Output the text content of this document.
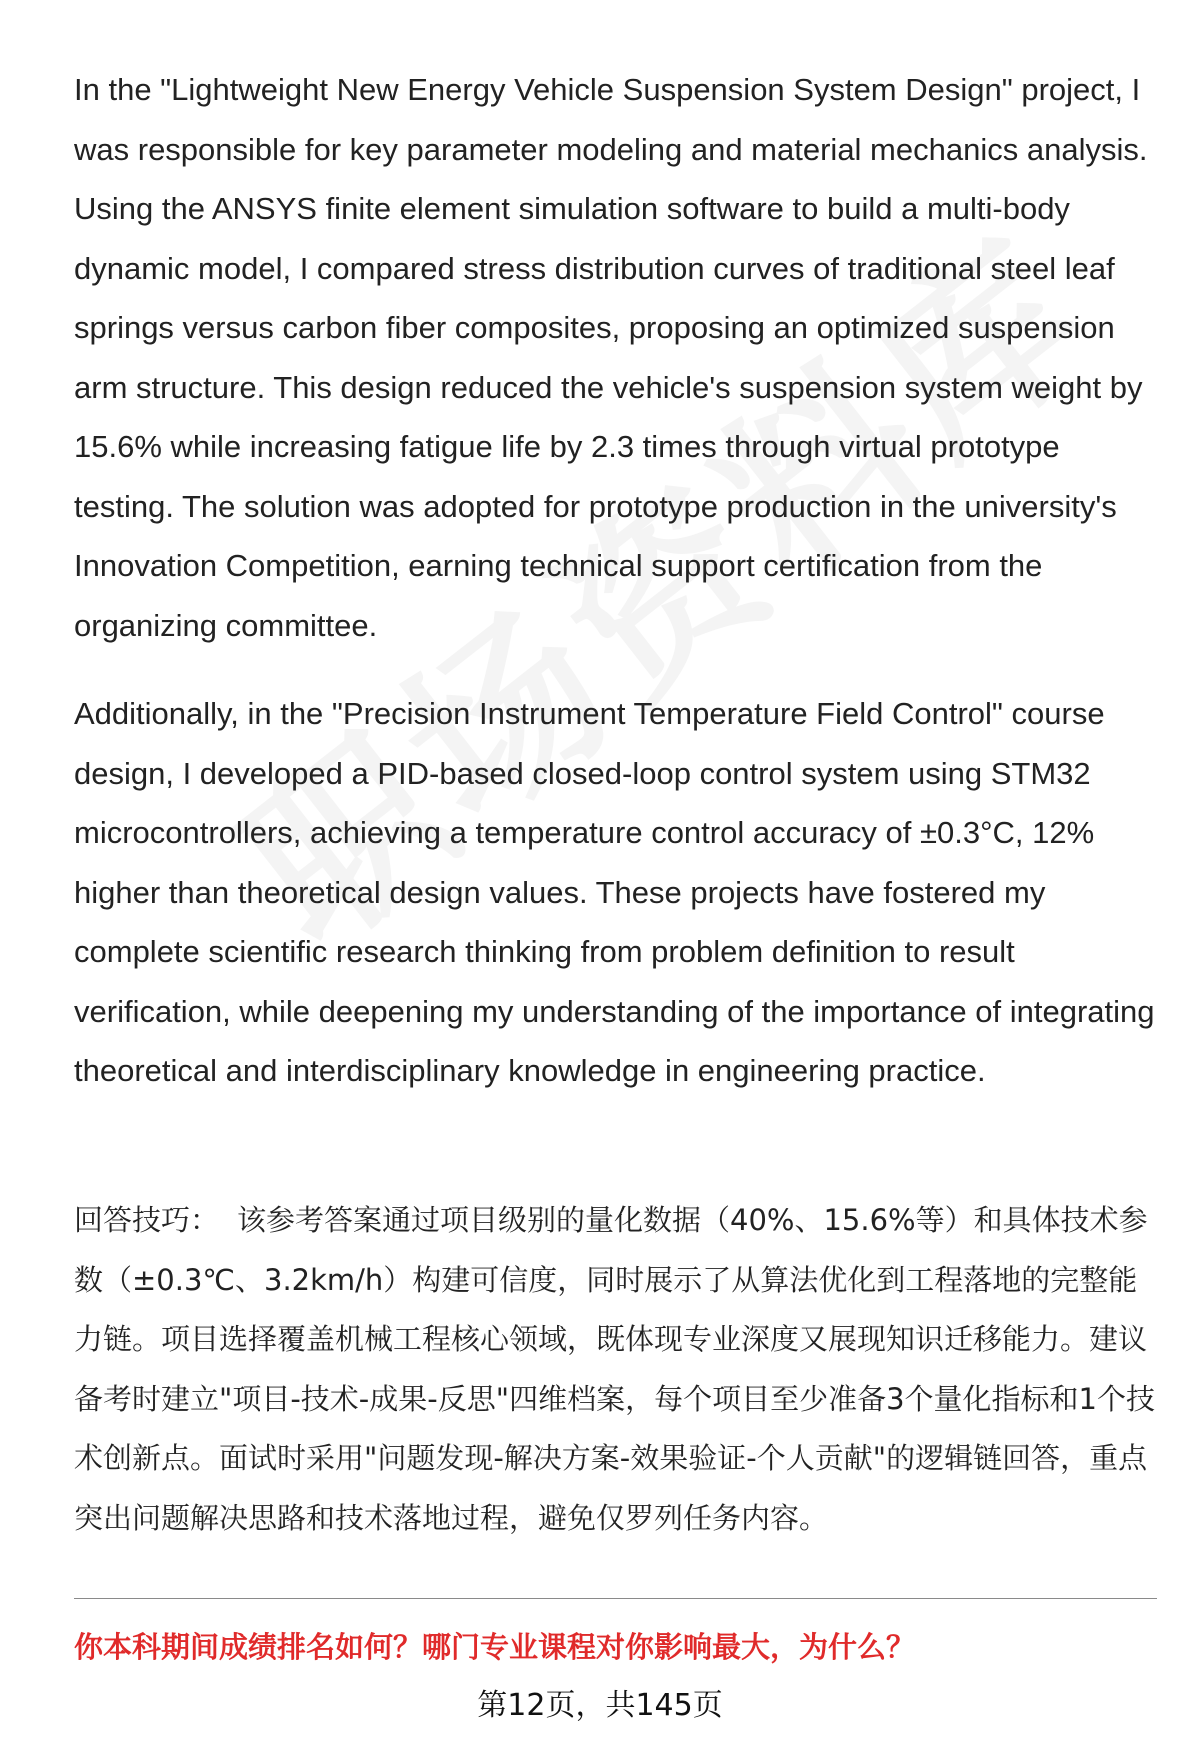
In the "Lightweight New Energy Vehicle Suspension System Design" project, I was responsible for key parameter modeling and material mechanics analysis. Using the ANSYS finite element simulation software to build a multi-body dynamic model, I compared stress distribution curves of traditional steel leaf springs versus carbon fiber composites, proposing an optimized suspension arm structure. This design reduced the vehicle's suspension system weight by 15.6% while increasing fatigue life by 2.3 times through virtual prototype testing. The solution was adopted for prototype production in the university's Innovation Competition, earning technical support certification from the organizing committee.

Additionally, in the "Precision Instrument Temperature Field Control" course design, I developed a PID-based closed-loop control system using STM32 microcontrollers, achieving a temperature control accuracy of ±0.3°C, 12% higher than theoretical design values. These projects have fostered my complete scientific research thinking from problem definition to result verification, while deepening my understanding of the importance of integrating theoretical and interdisciplinary knowledge in engineering practice.

回答技巧： 该参考答案通过项目级别的量化数据（40%、15.6%等）和具体技术参数（±0.3℃、3.2km/h）构建可信度，同时展示了从算法优化到工程落地的完整能力链。项目选择覆盖机械工程核心领域，既体现专业深度又展现知识迁移能力。建议备考时建立"项目-技术-成果-反思"四维档案，每个项目至少准备3个量化指标和1个技术创新点。面试时采用"问题发现-解决方案-效果验证-个人贡献"的逻辑链回答，重点突出问题解决思路和技术落地过程，避免仅罗列任务内容。

你本科期间成绩排名如何？哪门专业课程对你影响最大，为什么？

第12页，共145页
